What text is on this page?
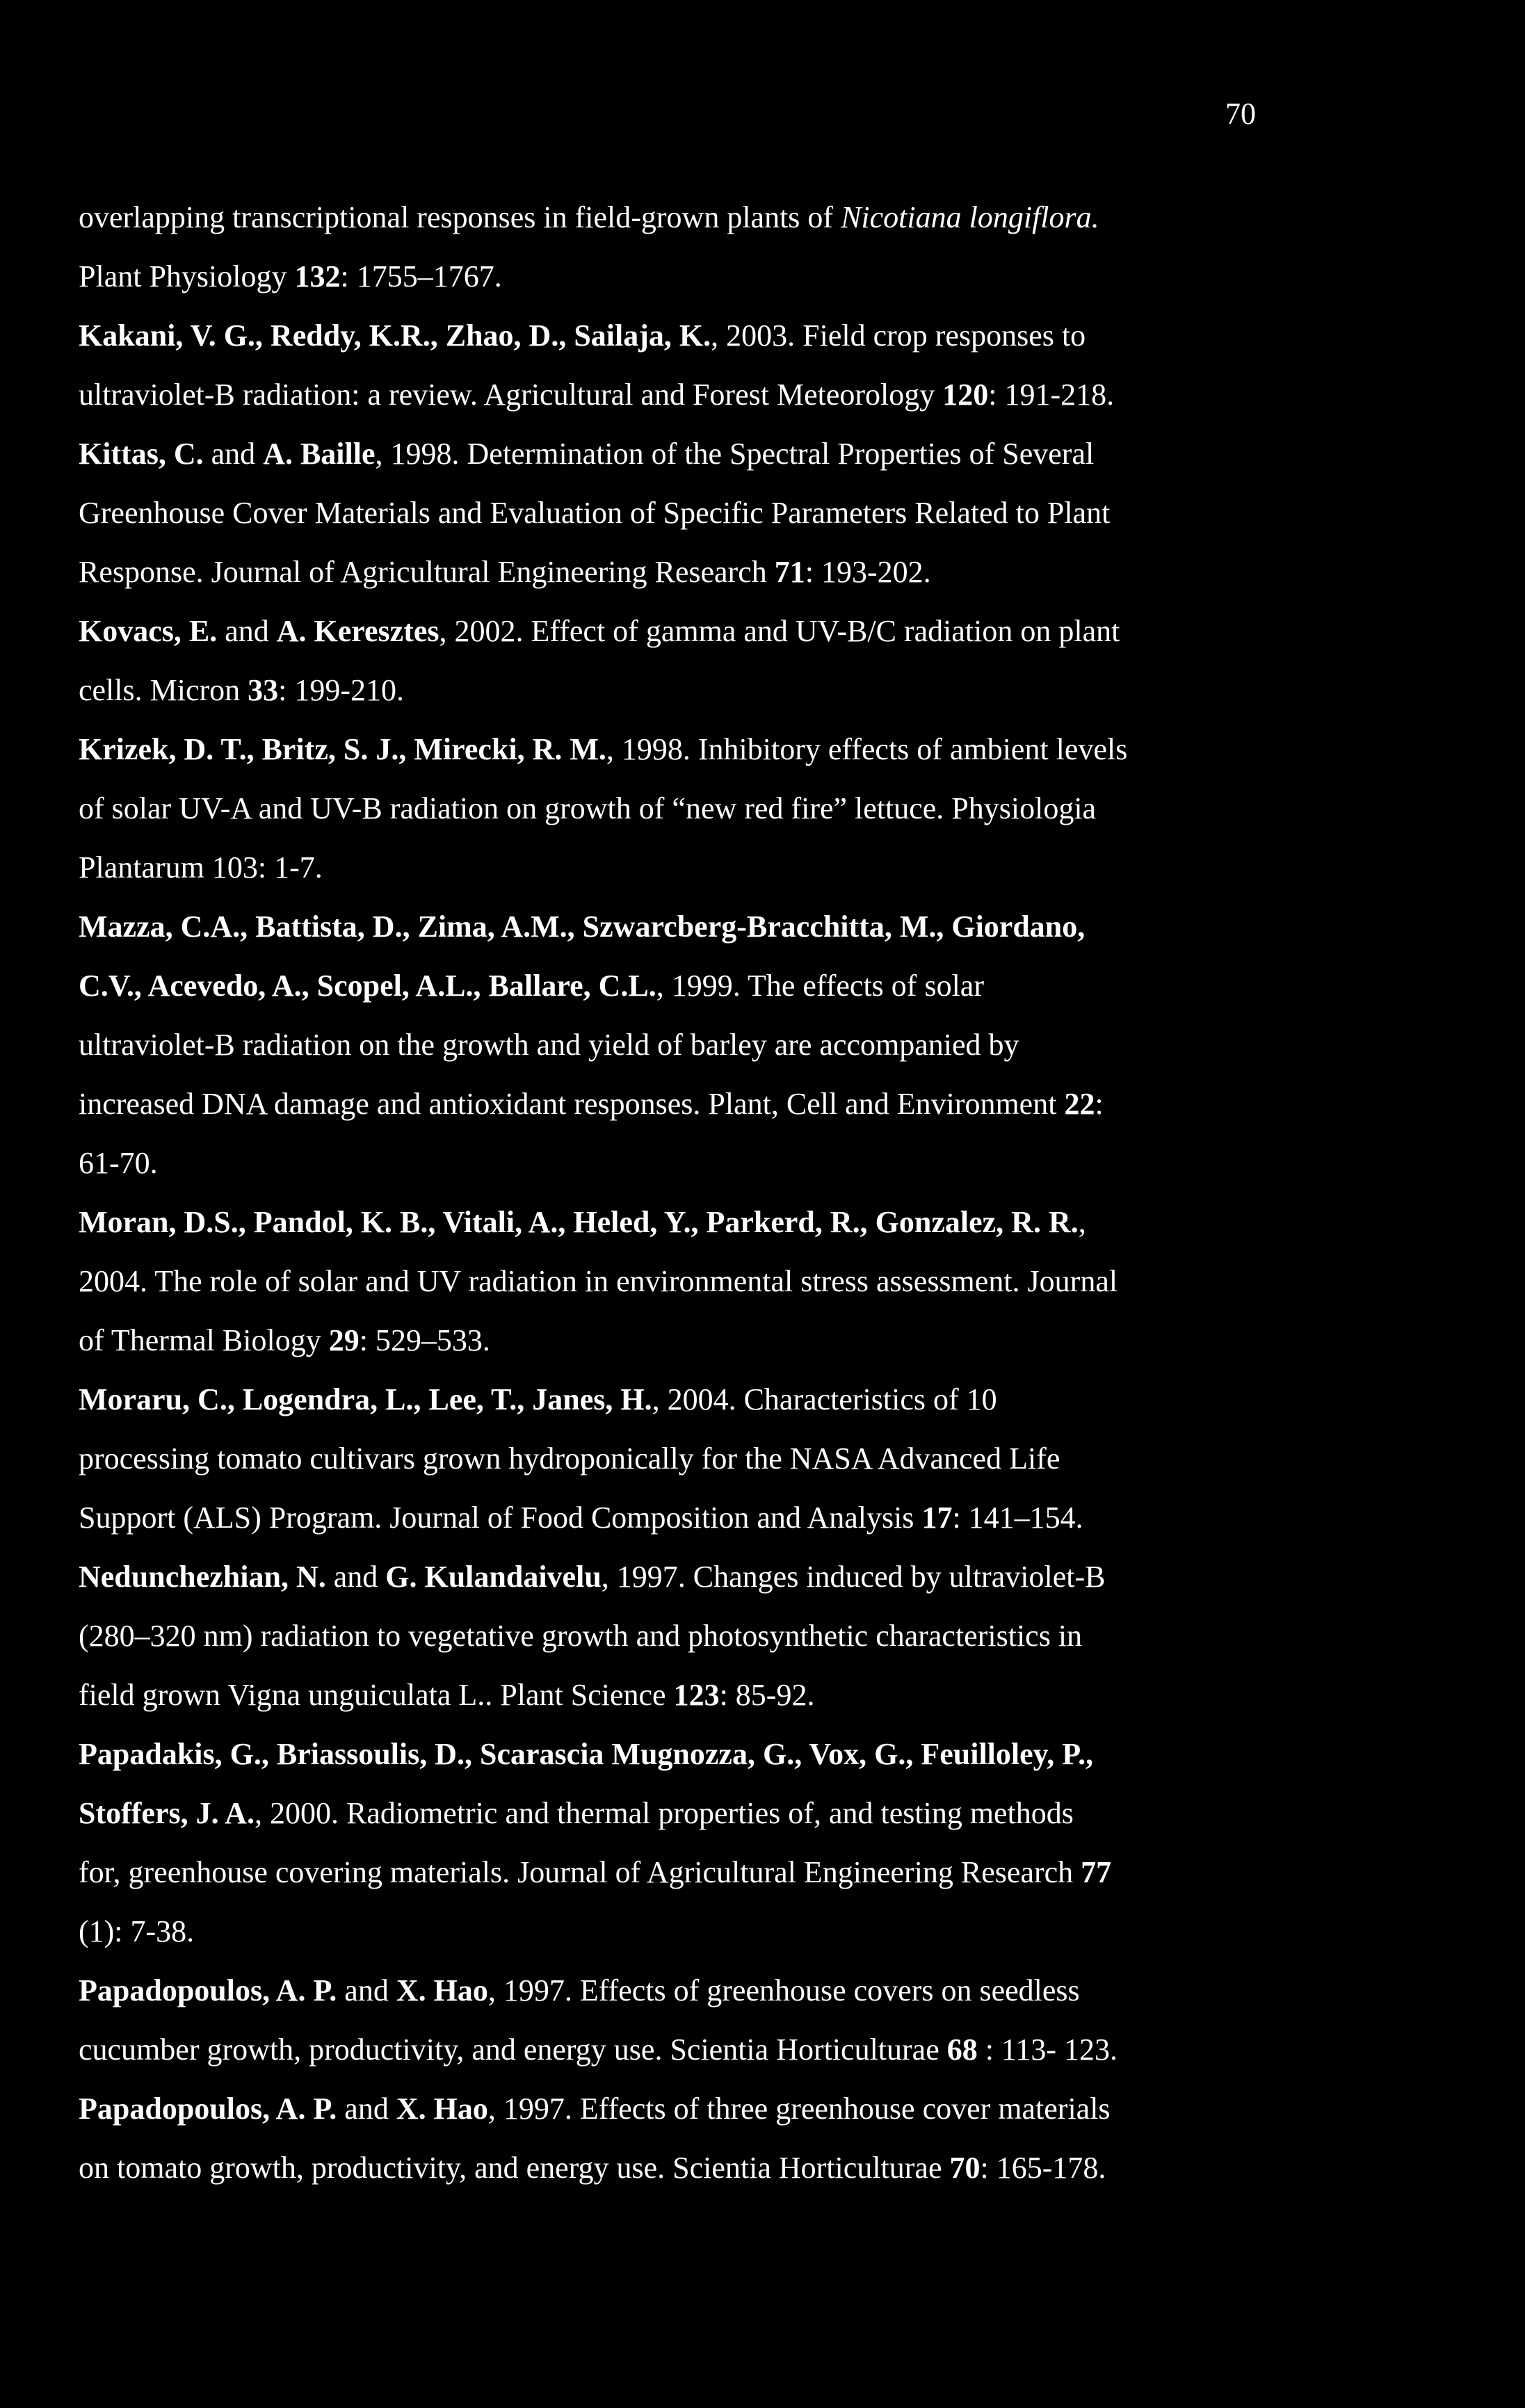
70

overlapping transcriptional responses in field-grown plants of Nicotiana longiflora.

Plant Physiology 132: 1755–1767.

Kakani, V. G., Reddy, K.R., Zhao, D., Sailaja, K., 2003. Field crop responses to

ultraviolet-B radiation: a review. Agricultural and Forest Meteorology 120: 191-218.

Kittas, C. and A. Baille, 1998. Determination of the Spectral Properties of Several

Greenhouse Cover Materials and Evaluation of Specific Parameters Related to Plant

Response. Journal of Agricultural Engineering Research 71: 193-202.

Kovacs, E. and A. Keresztes, 2002. Effect of gamma and UV-B/C radiation on plant

cells. Micron 33: 199-210.

Krizek, D. T., Britz, S. J., Mirecki, R. M., 1998. Inhibitory effects of ambient levels

of solar UV-A and UV-B radiation on growth of “new red fire” lettuce. Physiologia

Plantarum 103: 1-7.

Mazza, C.A., Battista, D., Zima, A.M., Szwarcberg-Bracchitta, M., Giordano,

C.V., Acevedo, A., Scopel, A.L., Ballare, C.L., 1999. The effects of solar

ultraviolet-B radiation on the growth and yield of barley are accompanied by

increased DNA damage and antioxidant responses. Plant, Cell and Environment 22:

61-70.

Moran, D.S., Pandol, K. B., Vitali, A., Heled, Y., Parkerd, R., Gonzalez, R. R.,

2004. The role of solar and UV radiation in environmental stress assessment. Journal

of Thermal Biology 29: 529–533.

Moraru, C., Logendra, L., Lee, T., Janes, H., 2004. Characteristics of 10

processing tomato cultivars grown hydroponically for the NASA Advanced Life

Support (ALS) Program. Journal of Food Composition and Analysis 17: 141–154.

Nedunchezhian, N. and G. Kulandaivelu, 1997. Changes induced by ultraviolet-B

(280–320 nm) radiation to vegetative growth and photosynthetic characteristics in

field grown Vigna unguiculata L.. Plant Science 123: 85-92.

Papadakis, G., Briassoulis, D., Scarascia Mugnozza, G., Vox, G., Feuilloley, P.,

Stoffers, J. A., 2000. Radiometric and thermal properties of, and testing methods

for, greenhouse covering materials. Journal of Agricultural Engineering Research 77

(1): 7-38.

Papadopoulos, A. P. and X. Hao, 1997. Effects of greenhouse covers on seedless

cucumber growth, productivity, and energy use. Scientia Horticulturae 68 : 113- 123.

Papadopoulos, A. P. and X. Hao, 1997. Effects of three greenhouse cover materials

on tomato growth, productivity, and energy use. Scientia Horticulturae 70: 165-178.
